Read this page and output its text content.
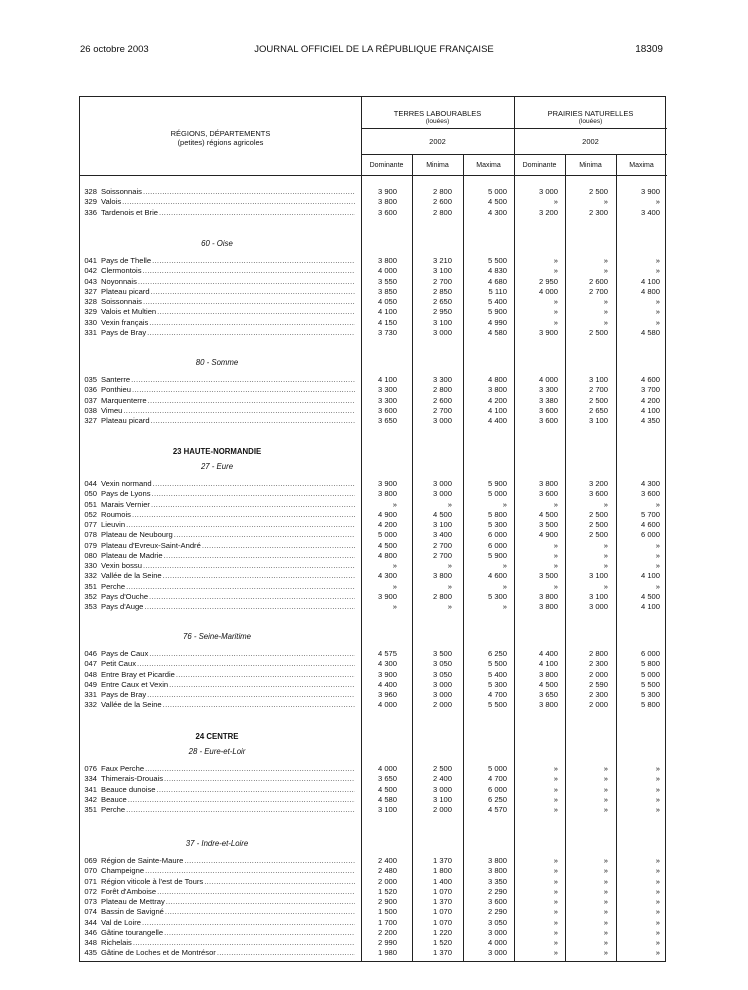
26 octobre 2003	JOURNAL OFFICIEL DE LA RÉPUBLIQUE FRANÇAISE	18309
RÉGIONS, DÉPARTEMENTS
(petites) régions agricoles
TERRES LABOURABLES
(louées)
PRAIRIES NATURELLES
(louées)
2002	2002
Dominante	Minima	Maxima	Dominante	Minima	Maxima
328 Soissonnais .....	3 900	2 800	5 000	3 000	2 500	3 900
329 Valois .....	3 800	2 600	4 500	»	»	»
336 Tardenois et Brie .....	3 600	2 800	4 300	3 200	2 300	3 400
041 Pays de Thelle .....	3 800	3 210	5 500	»	»	»
042 Clermontois .....	4 000	3 100	4 830	»	»	»
043 Noyonnais .....	3 550	2 700	4 680	2 950	2 600	4 100
327 Plateau picard .....	3 850	2 850	5 110	4 000	2 700	4 800
328 Soissonnais .....	4 050	2 650	5 400	»	»	»
329 Valois et Multien .....	4 100	2 950	5 900	»	»	»
330 Vexin français .....	4 150	3 100	4 990	»	»	»
331 Pays de Bray .....	3 730	3 000	4 580	3 900	2 500	4 580
035 Santerre .....	4 100	3 300	4 800	4 000	3 100	4 600
036 Ponthieu .....	3 300	2 800	3 800	3 300	2 700	3 700
037 Marquenterre .....	3 300	2 600	4 200	3 380	2 500	4 200
038 Vimeu .....	3 600	2 700	4 100	3 600	2 650	4 100
327 Plateau picard .....	3 650	3 000	4 400	3 600	3 100	4 350
044 Vexin normand .....	3 900	3 000	5 900	3 800	3 200	4 300
050 Pays de Lyons .....	3 800	3 000	5 000	3 600	3 600	3 600
051 Marais Vernier .....	»	»	»	»	»	»
052 Roumois .....	4 900	4 500	5 800	4 500	2 500	5 700
077 Lieuvin .....	4 200	3 100	5 300	3 500	2 500	4 600
078 Plateau de Neubourg .....	5 000	3 400	6 000	4 900	2 500	6 000
079 Plateau d'Evreux-Saint-André .....	4 500	2 700	6 000	»	»	»
080 Plateau de Madrie .....	4 800	2 700	5 900	»	»	»
330 Vexin bossu .....	»	»	»	»	»	»
332 Vallée de la Seine .....	4 300	3 800	4 600	3 500	3 100	4 100
351 Perche .....	»	»	»	»	»	»
352 Pays d'Ouche .....	3 900	2 800	5 300	3 800	3 100	4 500
353 Pays d'Auge .....	»	»	»	3 800	3 000	4 100
046 Pays de Caux .....	4 575	3 500	6 250	4 400	2 800	6 000
047 Petit Caux .....	4 300	3 050	5 500	4 100	2 300	5 800
048 Entre Bray et Picardie .....	3 900	3 050	5 400	3 800	2 000	5 000
049 Entre Caux et Vexin .....	4 400	3 000	5 300	4 500	2 590	5 500
331 Pays de Bray .....	3 960	3 000	4 700	3 650	2 300	5 300
332 Vallée de la Seine .....	4 000	2 000	5 500	3 800	2 000	5 800
076 Faux Perche .....	4 000	2 500	5 000	»	»	»
334 Thimerais-Drouais .....	3 650	2 400	4 700	»	»	»
341 Beauce dunoise .....	4 500	3 000	6 000	»	»	»
342 Beauce .....	4 580	3 100	6 250	»	»	»
351 Perche .....	3 100	2 000	4 570	»	»	»
069 Région de Sainte-Maure .....	2 400	1 370	3 800	»	»	»
070 Champeigne .....	2 480	1 800	3 800	»	»	»
071 Région viticole à l'est de Tours .....	2 000	1 400	3 350	»	»	»
072 Forêt d'Amboise .....	1 520	1 070	2 290	»	»	»
073 Plateau de Mettray .....	2 900	1 370	3 600	»	»	»
074 Bassin de Savigné .....	1 500	1 070	2 290	»	»	»
344 Val de Loire .....	1 700	1 070	3 050	»	»	»
346 Gâtine tourangelle .....	2 200	1 220	3 000	»	»	»
348 Richelais .....	2 990	1 520	4 000	»	»	»
435 Gâtine de Loches et de Montrésor .....	1 980	1 370	3 000	»	»	»
60 - Oise
80 - Somme
23 HAUTE-NORMANDIE
27 - Eure
76 - Seine-Maritime
24 CENTRE
28 - Eure-et-Loir
37 - Indre-et-Loire
